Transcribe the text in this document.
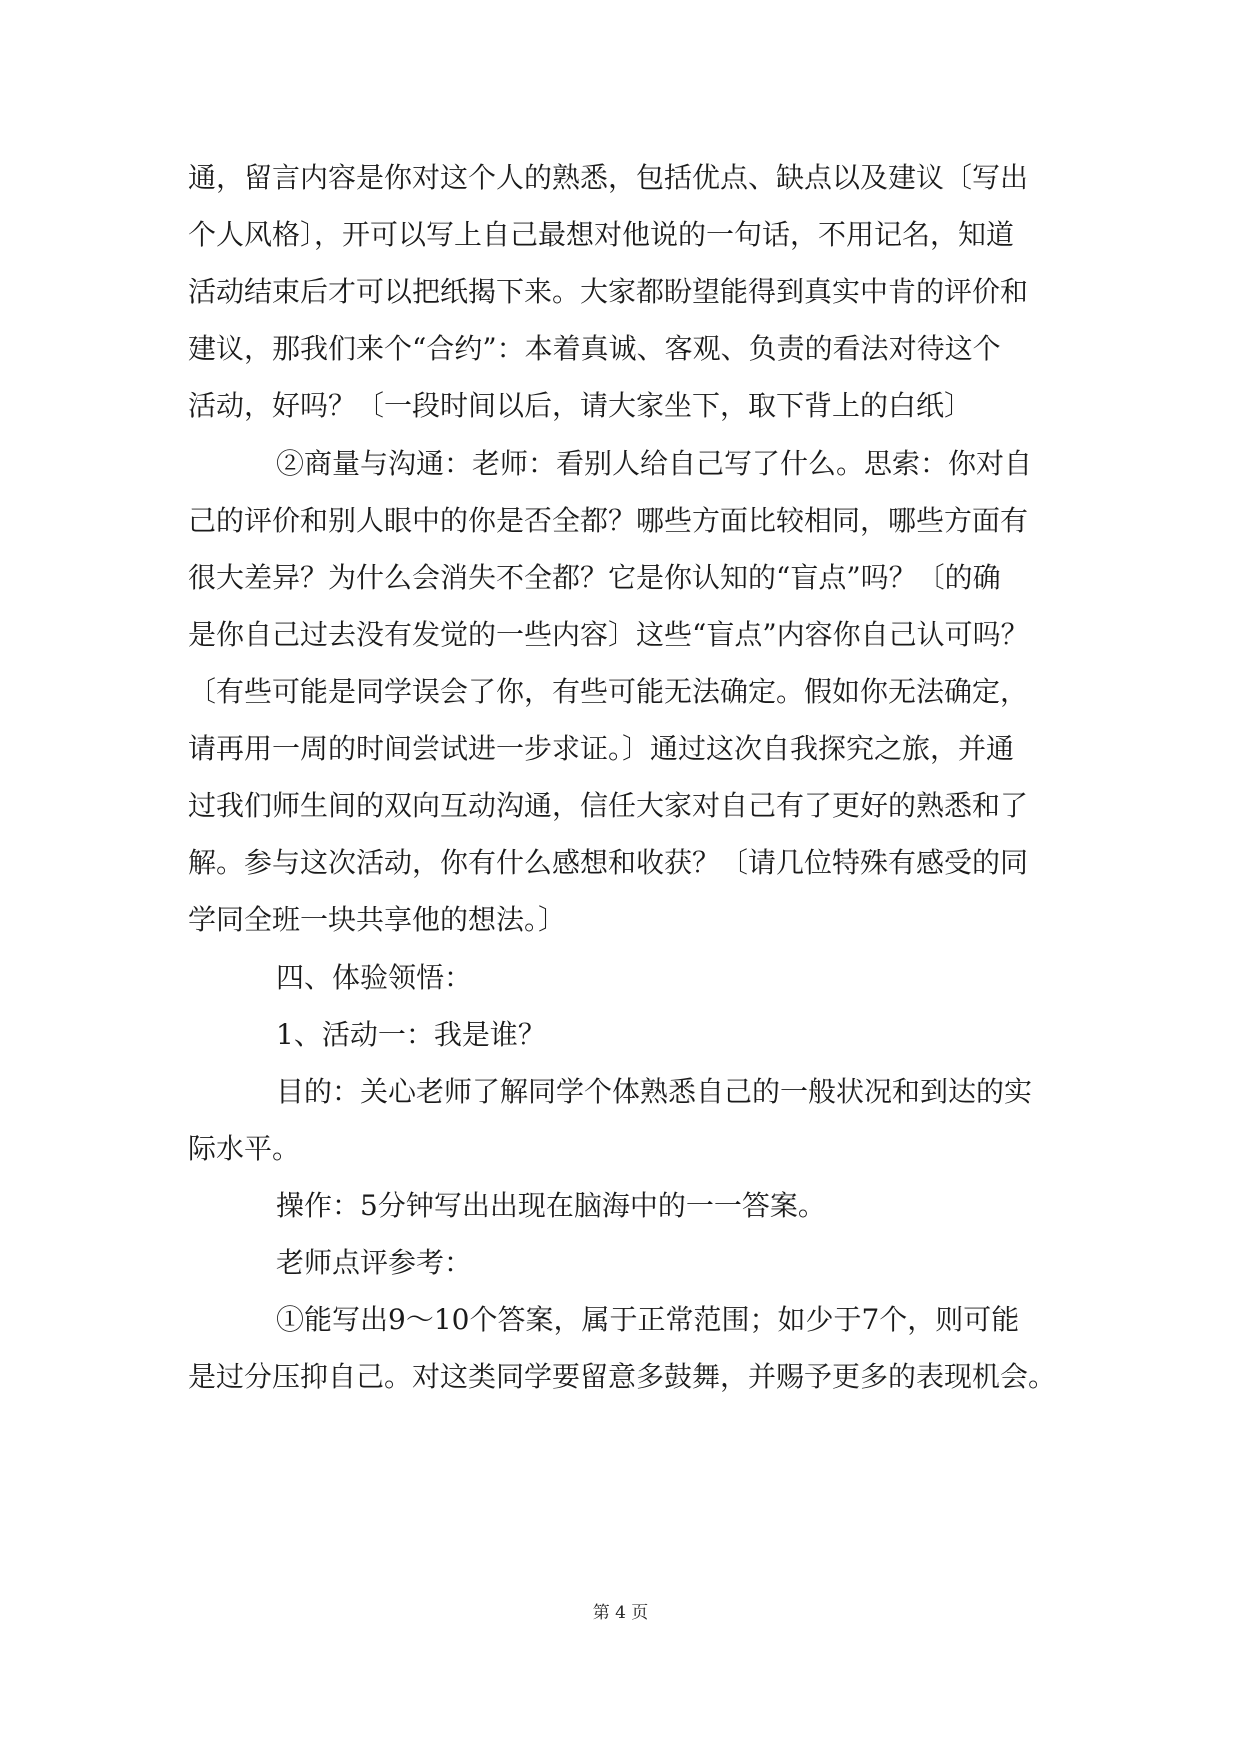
通，留言内容是你对这个人的熟悉，包括优点、缺点以及建议〔写出
个人风格〕，开可以写上自己最想对他说的一句话，不用记名，知道
活动结束后才可以把纸揭下来。大家都盼望能得到真实中肯的评价和
建议，那我们来个“合约”：本着真诚、客观、负责的看法对待这个
活动，好吗？〔一段时间以后，请大家坐下，取下背上的白纸〕
②商量与沟通：老师：看别人给自己写了什么。思索：你对自
己的评价和别人眼中的你是否全都？哪些方面比较相同，哪些方面有
很大差异？为什么会消失不全都？它是你认知的“盲点”吗？〔的确
是你自己过去没有发觉的一些内容〕这些“盲点”内容你自己认可吗？
〔有些可能是同学误会了你，有些可能无法确定。假如你无法确定，
请再用一周的时间尝试进一步求证。〕通过这次自我探究之旅，并通
过我们师生间的双向互动沟通，信任大家对自己有了更好的熟悉和了
解。参与这次活动，你有什么感想和收获？〔请几位特殊有感受的同
学同全班一块共享他的想法。〕
四、体验领悟：
1、活动一：我是谁？
目的：关心老师了解同学个体熟悉自己的一般状况和到达的实
际水平。
操作：5分钟写出出现在脑海中的一一答案。
老师点评参考：
①能写出9～10个答案，属于正常范围；如少于7个，则可能
是过分压抑自己。对这类同学要留意多鼓舞，并赐予更多的表现机会。
第 4 页
